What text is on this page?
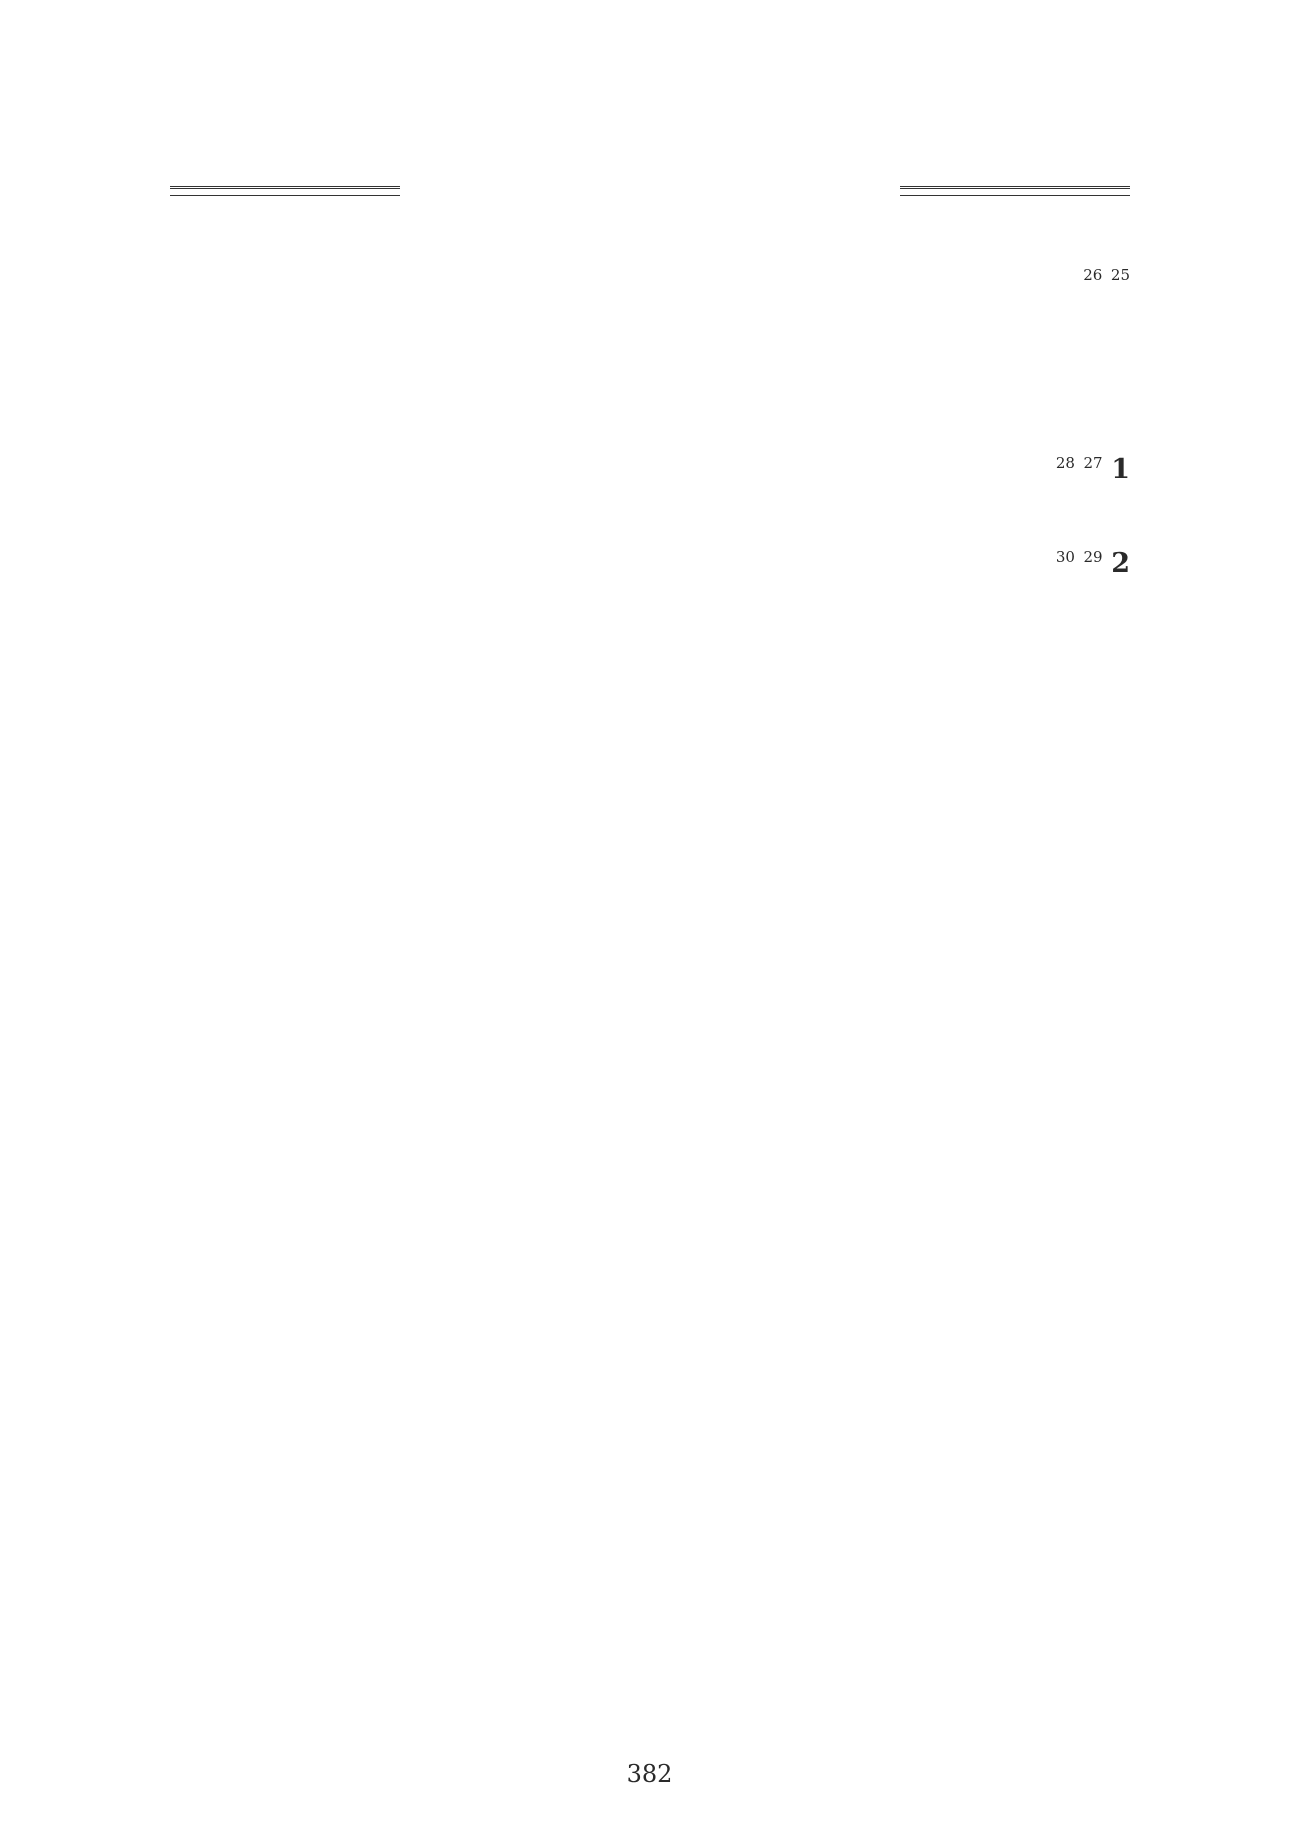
$^{25}$ $^{26}$

1 $^{27}$ $^{28}$

2 $^{29}$ $^{30}$

382
